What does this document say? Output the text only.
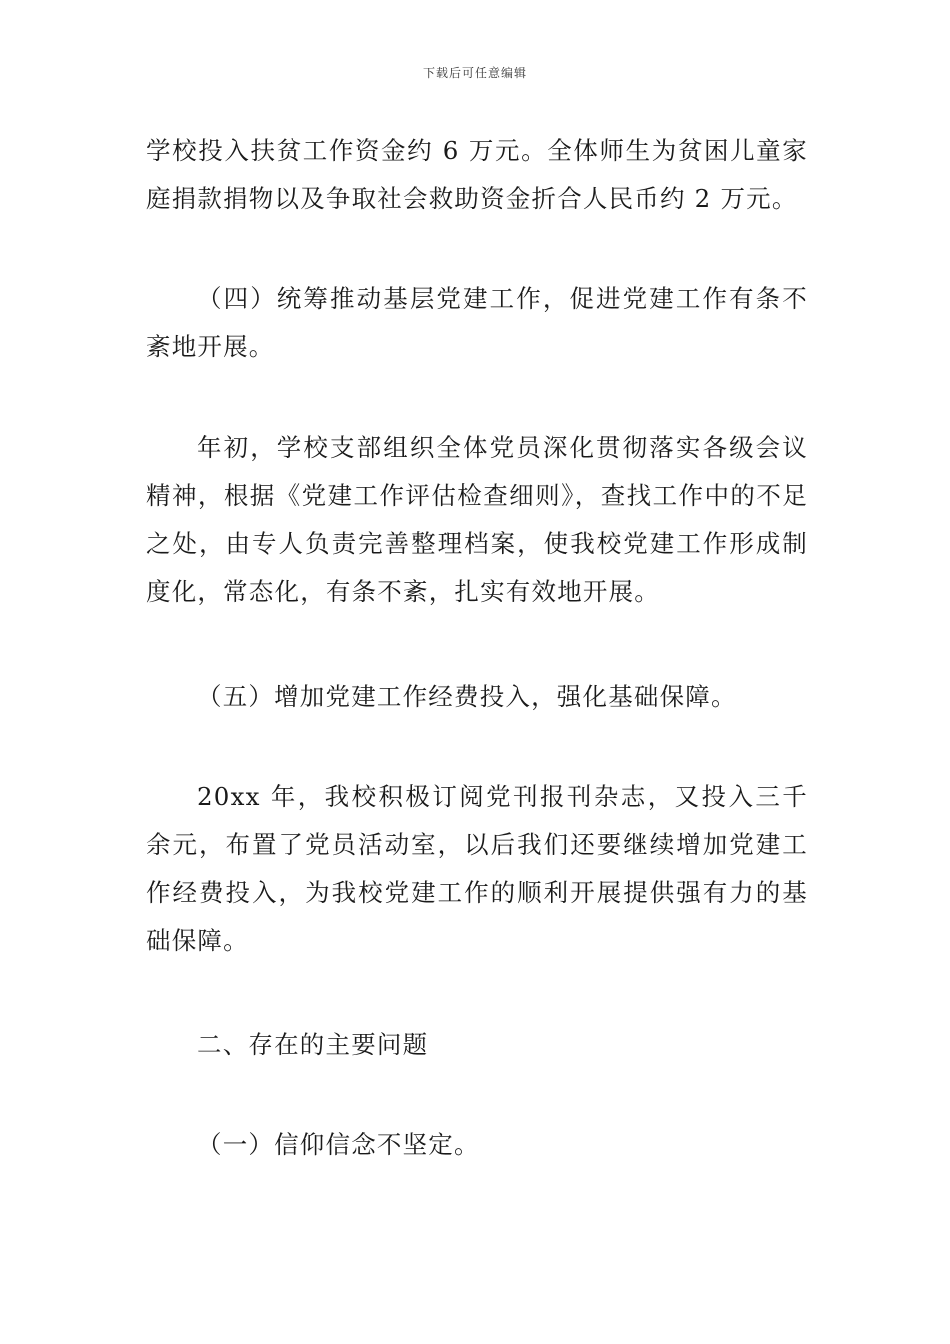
下载后可任意编辑

学校投入扶贫工作资金约 6 万元。全体师生为贫困儿童家庭捐款捐物以及争取社会救助资金折合人民币约 2 万元。

（四）统筹推动基层党建工作，促进党建工作有条不紊地开展。

年初，学校支部组织全体党员深化贯彻落实各级会议精神，根据《党建工作评估检查细则》，查找工作中的不足之处，由专人负责完善整理档案，使我校党建工作形成制度化，常态化，有条不紊，扎实有效地开展。

（五）增加党建工作经费投入，强化基础保障。

20xx 年，我校积极订阅党刊报刊杂志，又投入三千余元，布置了党员活动室，以后我们还要继续增加党建工作经费投入，为我校党建工作的顺利开展提供强有力的基础保障。

二、存在的主要问题

（一）信仰信念不坚定。
